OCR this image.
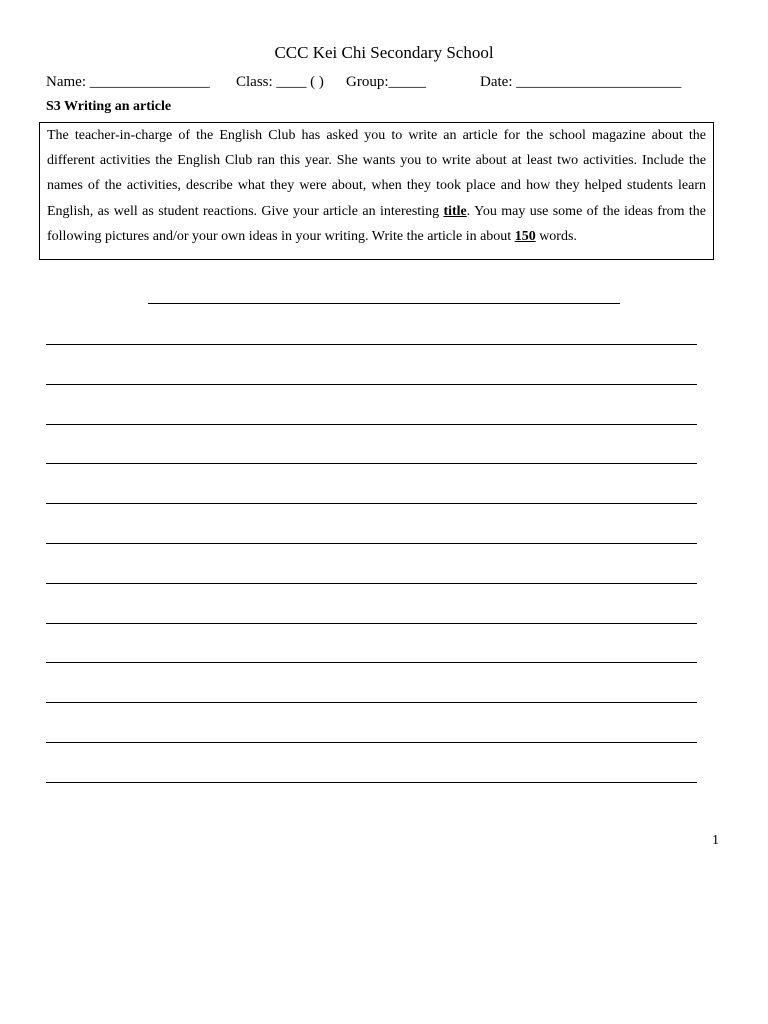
CCC Kei Chi Secondary School
Name: ________________ Class: ____ ( ) Group:_____	Date: ______________________
S3 Writing an article

The teacher-in-charge of the English Club has asked you to write an article for the school magazine about the different activities the English Club ran this year. She wants you to write about at least two activities. Include the names of the activities, describe what they were about, when they took place and how they helped students learn English, as well as student reactions. Give your article an interesting title. You may use some of the ideas from the following pictures and/or your own ideas in your writing. Write the article in about 150 words.

1
